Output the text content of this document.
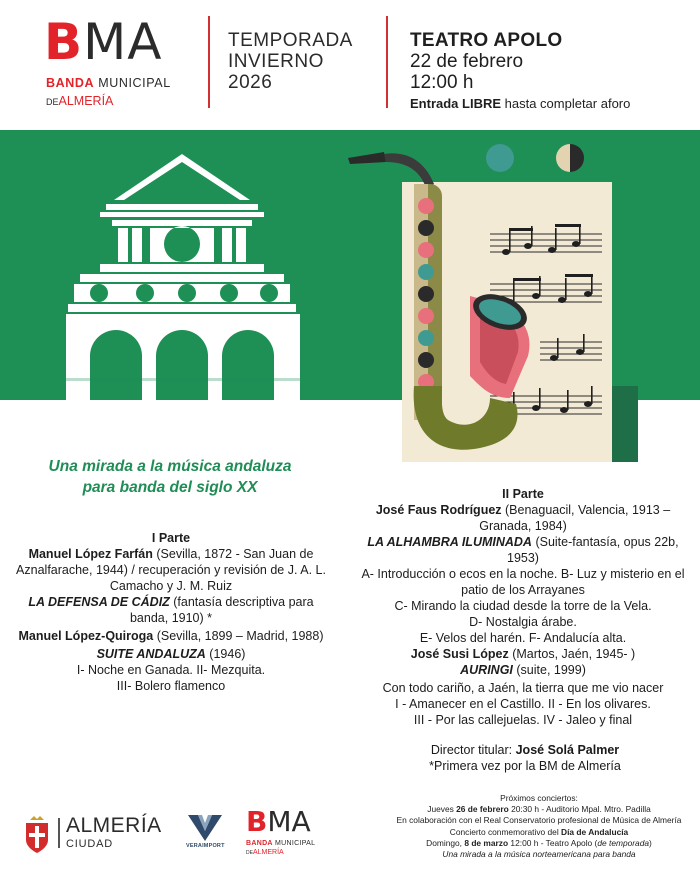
BMA
BANDA MUNICIPAL
DEALMERÍA
TEMPORADA
INVIERNO
2026
TEATRO APOLO
22 de febrero
12:00 h
Entrada LIBRE hasta completar aforo
Una mirada a la música andaluza
para banda del siglo XX
I Parte
Manuel López Farfán (Sevilla, 1872 - San Juan de Aznalfarache, 1944) / recuperación y revisión de J. A. L. Camacho y J. M. Ruiz
LA DEFENSA DE CÁDIZ (fantasía descriptiva para banda, 1910) *
Manuel López-Quiroga (Sevilla, 1899 – Madrid, 1988)
SUITE ANDALUZA (1946)
I- Noche en Ganada. II- Mezquita.
III- Bolero flamenco
II Parte
José Faus Rodríguez (Benaguacil, Valencia, 1913 – Granada, 1984)
LA ALHAMBRA ILUMINADA (Suite-fantasía, opus 22b, 1953)
A- Introducción o ecos en la noche. B- Luz y misterio en el patio de los Arrayanes
C- Mirando la ciudad desde la torre de la Vela.
D- Nostalgia árabe.
E- Velos del harén. F- Andalucía alta.
José Susi López (Martos, Jaén, 1945- )
AURINGI (suite, 1999)
Con todo cariño, a Jaén, la tierra que me vio nacer
I - Amanecer en el Castillo. II - En los olivares.
III - Por las callejuelas. IV - Jaleo y final
Director titular: José Solá Palmer
*Primera vez por la BM de Almería
Próximos conciertos:
Jueves 26 de febrero 20:30 h - Auditorio Mpal. Mtro. Padilla
En colaboración con el Real Conservatorio profesional de Música de Almería
Concierto conmemorativo del Día de Andalucía
Domingo, 8 de marzo 12:00 h - Teatro Apolo (de temporada)
Una mirada a la música norteamericana para banda
ALMERÍA
CIUDAD	VERAIMPORT
BMA
BANDA MUNICIPAL
DEALMERÍA
